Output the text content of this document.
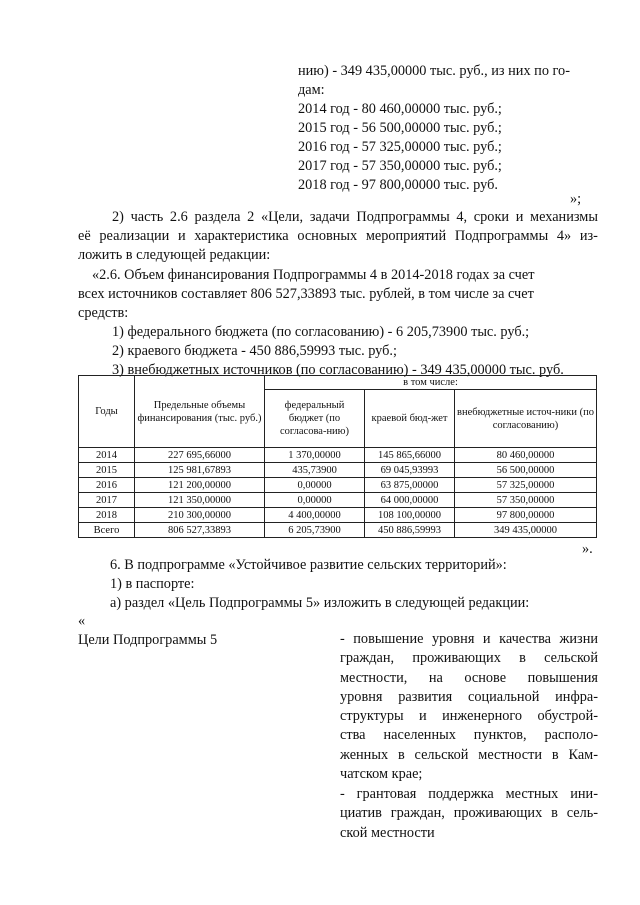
нию) - 349 435,00000 тыс. руб., из них по го-
дам:
2014 год - 80 460,00000 тыс. руб.;
2015 год - 56 500,00000 тыс. руб.;
2016 год - 57 325,00000 тыс. руб.;
2017 год - 57 350,00000 тыс. руб.;
2018 год - 97 800,00000 тыс. руб.
»;
2) часть 2.6 раздела 2 «Цели, задачи Подпрограммы 4, сроки и механизмы
её реализации и характеристика основных мероприятий Подпрограммы 4» из-
ложить в следующей редакции:
«2.6. Объем финансирования Подпрограммы 4 в 2014-2018 годах за счет
всех источников составляет 806 527,33893 тыс. рублей, в том числе за счет
средств:
1) федерального бюджета (по согласованию) - 6 205,73900 тыс. руб.;
2) краевого бюджета - 450 886,59993 тыс. руб.;
3) внебюджетных источников (по согласованию) - 349 435,00000 тыс. руб.
Годы	Предельные объемы финансирования (тыс. руб.)	в том числе:		
		федеральный бюджет (по согласова-нию)	краевой бюд-жет	внебюджетные источ-ники (по согласованию)
2014	227 695,66000	1 370,00000	145 865,66000	80 460,00000
2015	125 981,67893	435,73900	69 045,93993	56 500,00000
2016	121 200,00000	0,00000	63 875,00000	57 325,00000
2017	121 350,00000	0,00000	64 000,00000	57 350,00000
2018	210 300,00000	4 400,00000	108 100,00000	97 800,00000
Всего	806 527,33893	6 205,73900	450 886,59993	349 435,00000
».
6. В подпрограмме «Устойчивое развитие сельских территорий»:
1) в паспорте:
а) раздел «Цель Подпрограммы 5» изложить в следующей редакции:
«
Цели Подпрограммы 5	- повышение уровня и качества жизни
граждан, проживающих в сельской
местности, на основе повышения
уровня развития социальной инфра-
структуры и инженерного обустрой-
ства населенных пунктов, располо-
женных в сельской местности в Кам-
чатском крае;
- грантовая поддержка местных ини-
циатив граждан, проживающих в сель-
ской местности
